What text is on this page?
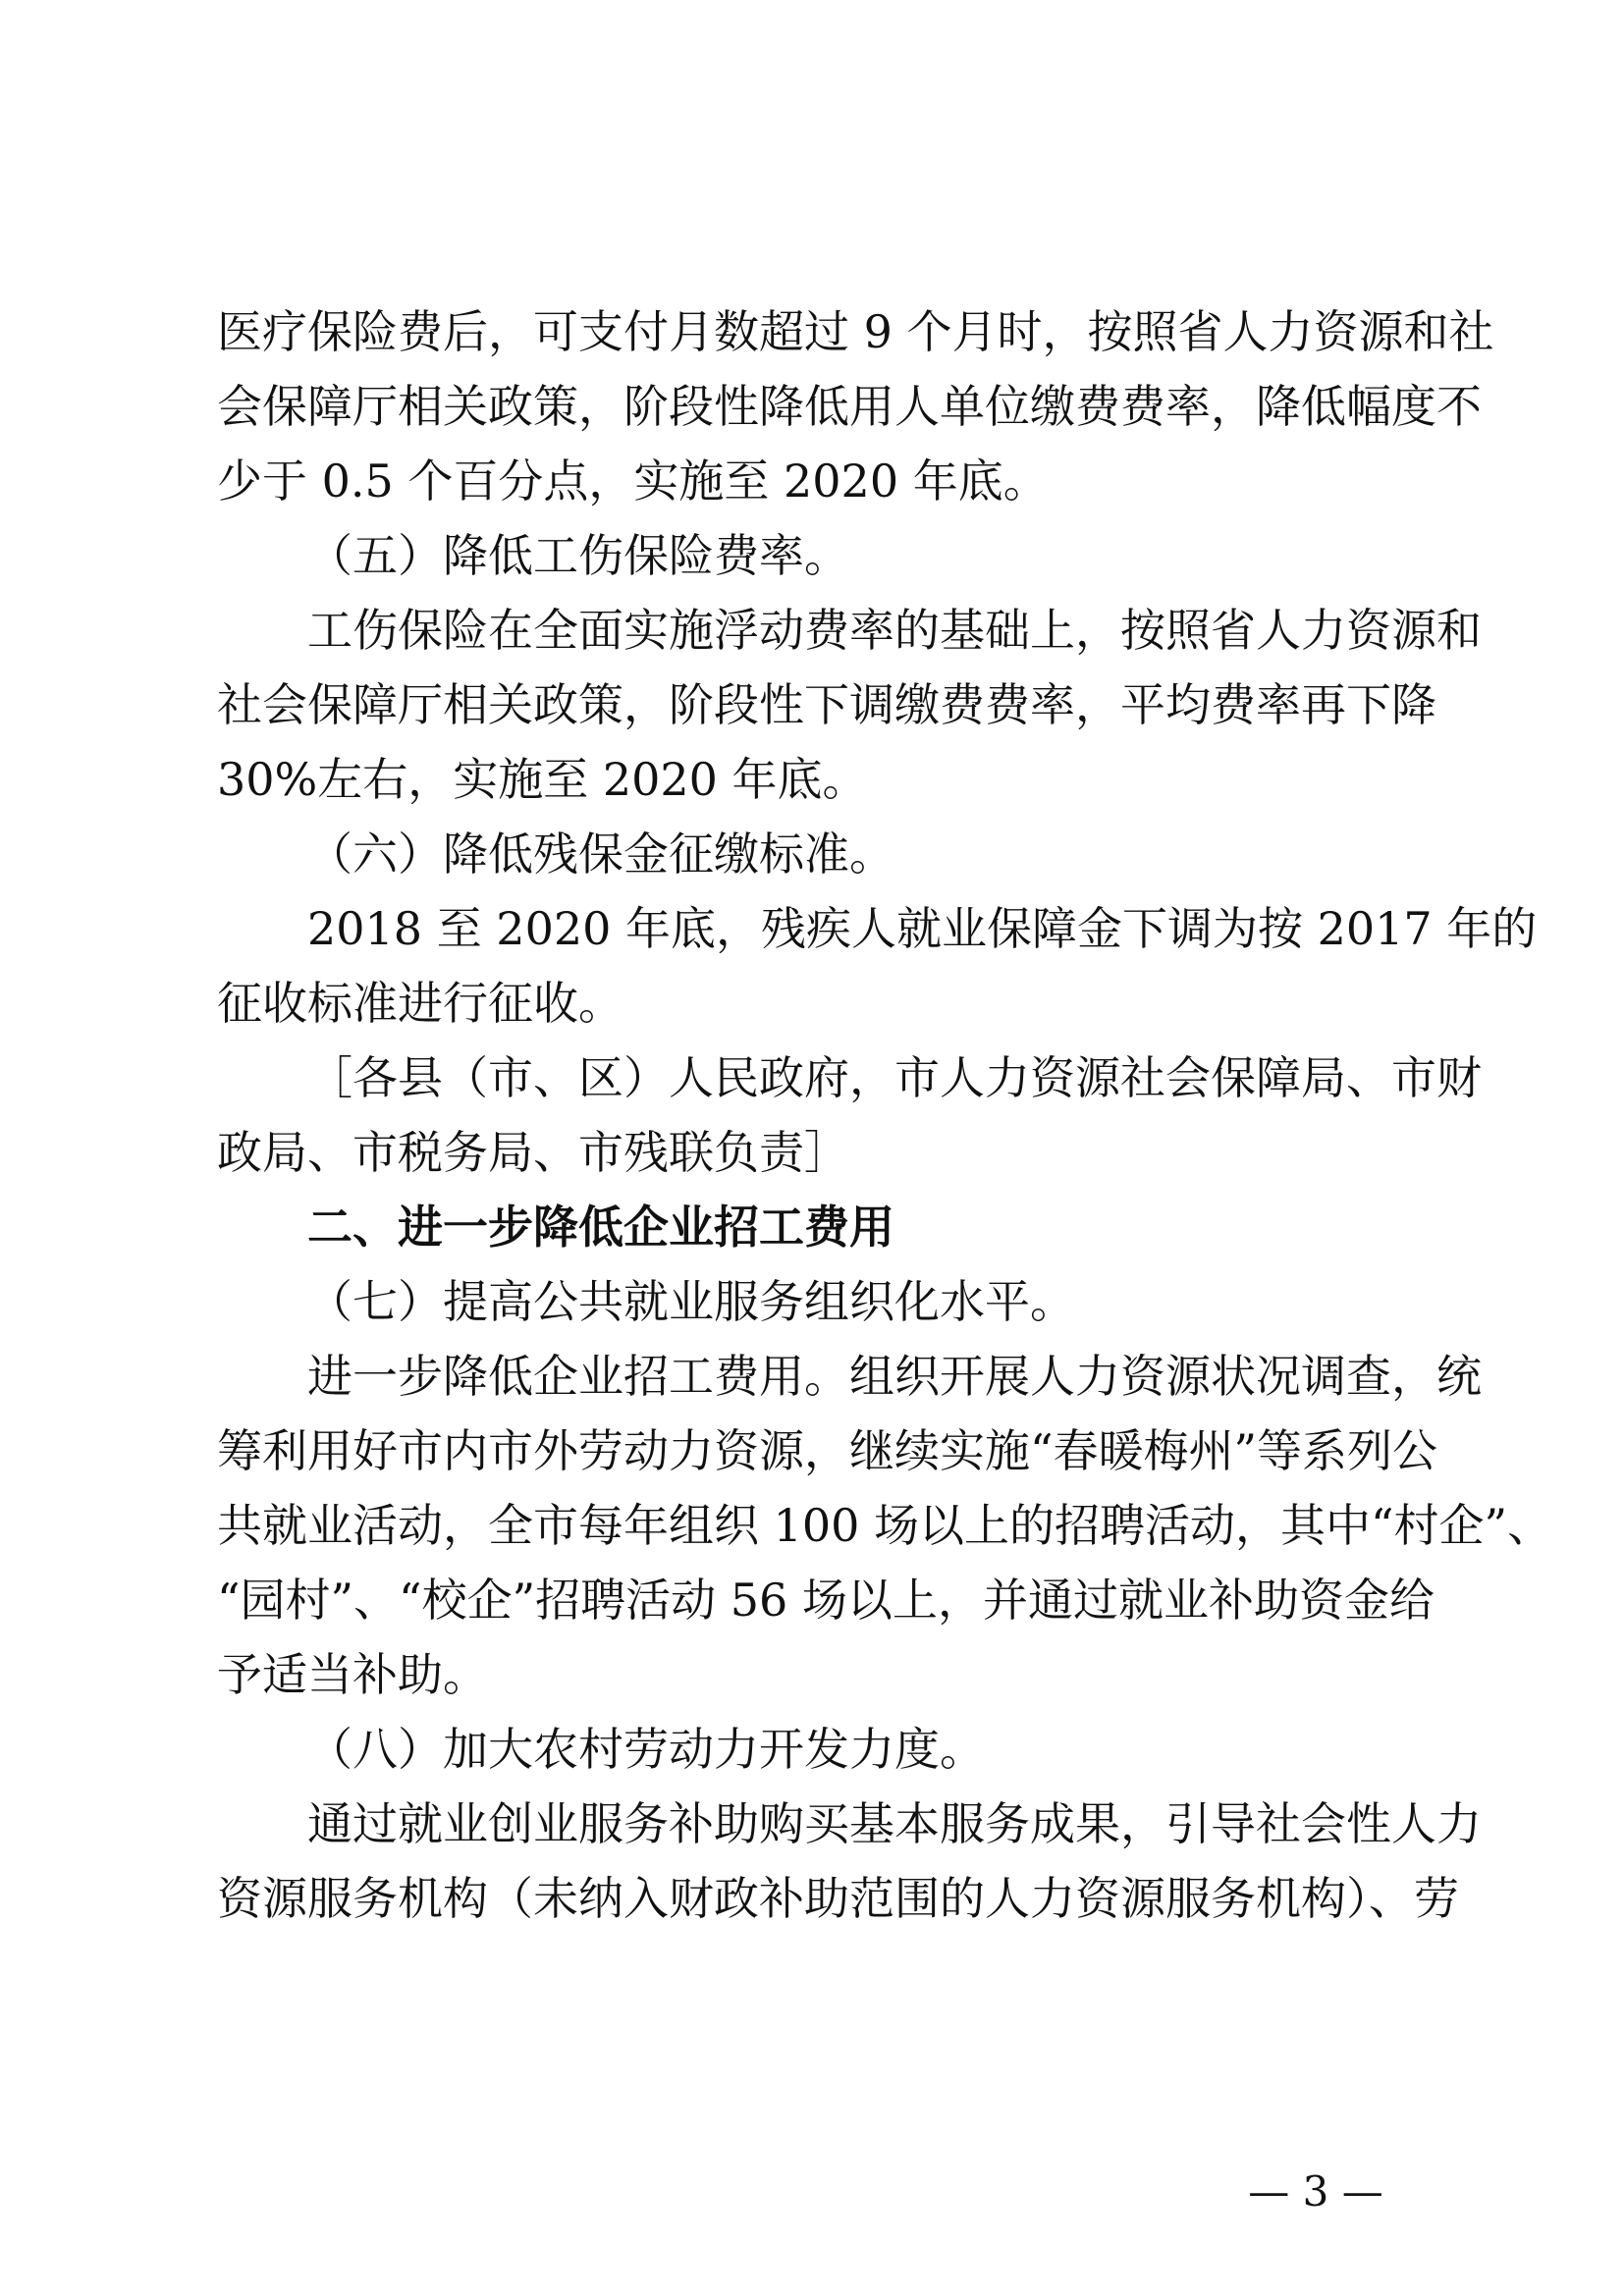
医疗保险费后，可支付月数超过 9 个月时，按照省人力资源和社
会保障厅相关政策，阶段性降低用人单位缴费费率，降低幅度不
少于 0.5 个百分点，实施至 2020 年底。
（五）降低工伤保险费率。
工伤保险在全面实施浮动费率的基础上，按照省人力资源和
社会保障厅相关政策，阶段性下调缴费费率，平均费率再下降
30%左右，实施至 2020 年底。
（六）降低残保金征缴标准。
2018 至 2020 年底，残疾人就业保障金下调为按 2017 年的
征收标准进行征收。
［各县（市、区）人民政府，市人力资源社会保障局、市财
政局、市税务局、市残联负责］
二、进一步降低企业招工费用
（七）提高公共就业服务组织化水平。
进一步降低企业招工费用。组织开展人力资源状况调查，统
筹利用好市内市外劳动力资源，继续实施“春暖梅州”等系列公
共就业活动，全市每年组织 100 场以上的招聘活动，其中“村企”、
“园村”、“校企”招聘活动 56 场以上，并通过就业补助资金给
予适当补助。
（八）加大农村劳动力开发力度。
通过就业创业服务补助购买基本服务成果，引导社会性人力
资源服务机构（未纳入财政补助范围的人力资源服务机构）、劳
— 3 —
